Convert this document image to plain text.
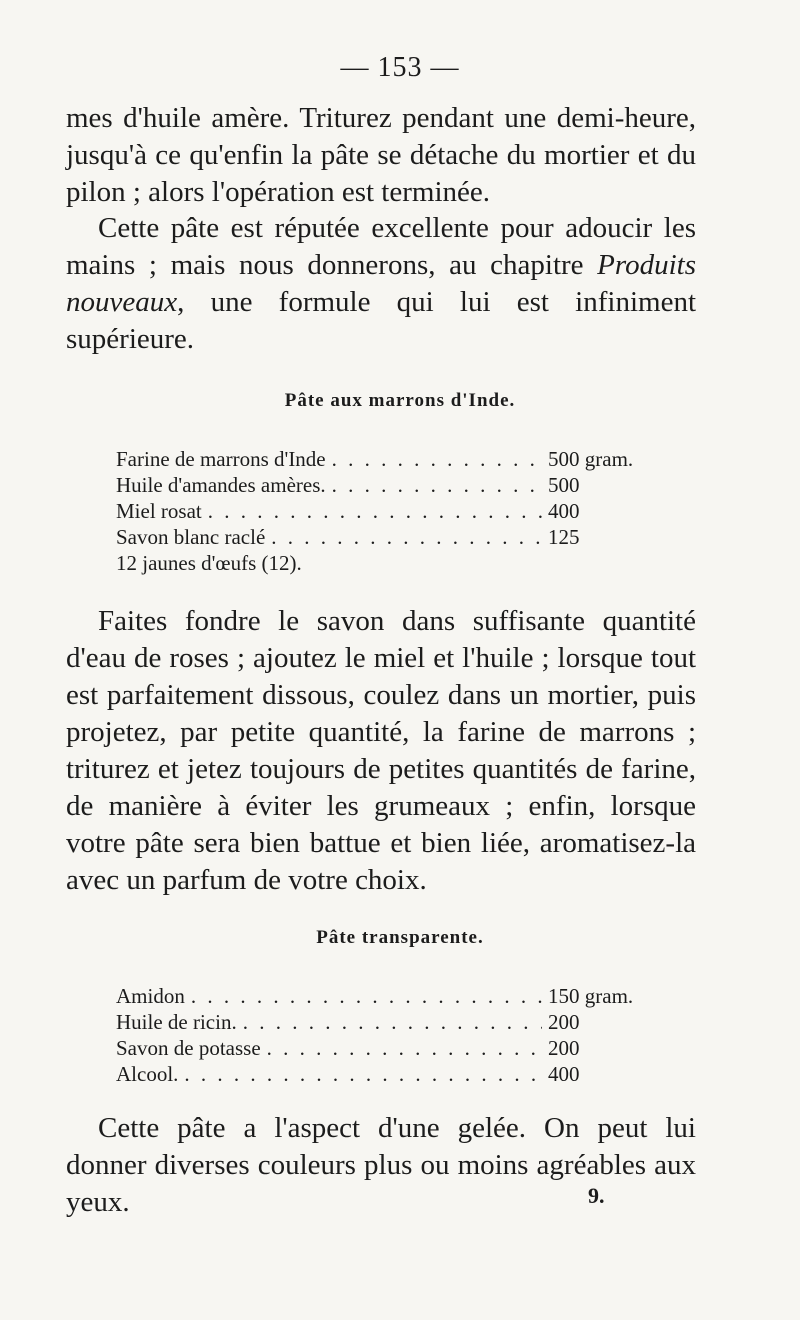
— 153 —

mes d'huile amère. Triturez pendant une demi-heure, jusqu'à ce qu'enfin la pâte se détache du mortier et du pilon ; alors l'opération est terminée.

Cette pâte est réputée excellente pour adoucir les mains ; mais nous donnerons, au chapitre Produits nouveaux, une formule qui lui est infiniment supérieure.

Pâte aux marrons d'Inde.
Farine de marrons d'Inde . . .	500 gram.
Huile d'amandes amères. . . .	500
Miel rosat . . .	400
Savon blanc raclé . . .	125
12 jaunes d'œufs (12).

Faites fondre le savon dans suffisante quantité d'eau de roses ; ajoutez le miel et l'huile ; lorsque tout est parfaitement dissous, coulez dans un mortier, puis projetez, par petite quantité, la farine de marrons ; triturez et jetez toujours de petites quantités de farine, de manière à éviter les grumeaux ; enfin, lorsque votre pâte sera bien battue et bien liée, aromatisez-la avec un parfum de votre choix.

Pâte transparente.
Amidon . . .	150 gram.
Huile de ricin. . . .	200
Savon de potasse . . .	200
Alcool. . . .	400

Cette pâte a l'aspect d'une gelée. On peut lui donner diverses couleurs plus ou moins agréables aux yeux.	9.
